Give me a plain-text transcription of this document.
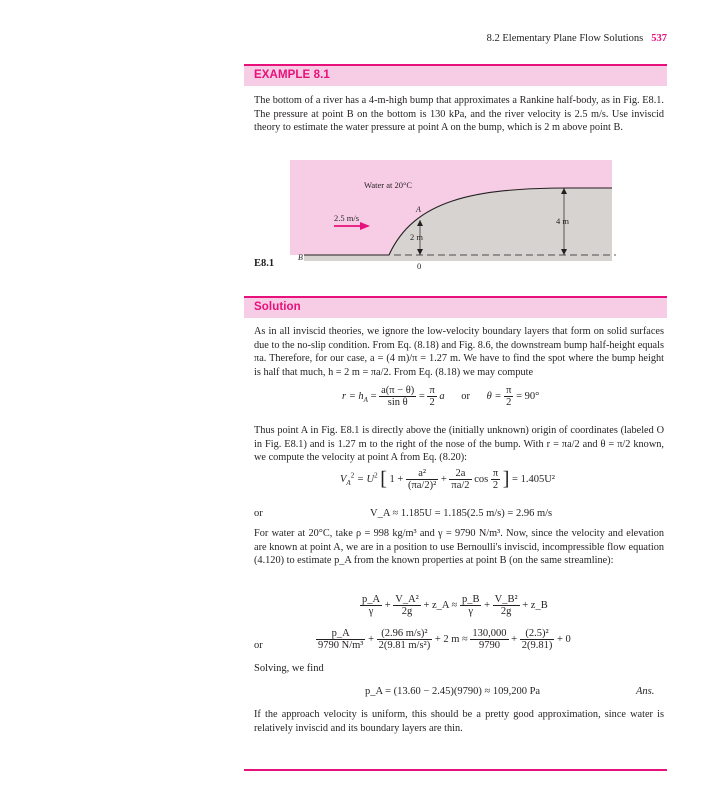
8.2 Elementary Plane Flow Solutions 537
EXAMPLE 8.1
The bottom of a river has a 4-m-high bump that approximates a Rankine half-body, as in Fig. E8.1. The pressure at point B on the bottom is 130 kPa, and the river velocity is 2.5 m/s. Use inviscid theory to estimate the water pressure at point A on the bump, which is 2 m above point B.
E8.1
Water at 20°C
2.5 m/s
A
2 m
4 m
B
0
Solution
As in all inviscid theories, we ignore the low-velocity boundary layers that form on solid surfaces due to the no-slip condition. From Eq. (8.18) and Fig. 8.6, the downstream bump half-height equals πa. Therefore, for our case, a = (4 m)/π = 1.27 m. We have to find the spot where the bump height is half that much, h = 2 m = πa/2. From Eq. (8.18) we may compute
$r = h_A = \frac{a(\pi - \theta)}{\text{sin θ}} = \frac{\pi}{2}$ a or $\theta = \frac{\pi}{2} = 90^\circ$
Thus point A in Fig. E8.1 is directly above the (initially unknown) origin of coordinates (labeled O in Fig. E8.1) and is 1.27 m to the right of the nose of the bump. With r = πa/2 and θ = π/2 known, we compute the velocity at point A from Eq. (8.20):
$V_A^2 = U^2$ [ $1 + \frac{\text{a²}}{\text{(πa/2)²}} + \frac{2a}{\pi a/2}$ $\cos \frac{\pi}{2}$ ] = 1.405U²
or	V_A ≈ 1.185U = 1.185(2.5 m/s) = 2.96 m/s
For water at 20°C, take ρ = 998 kg/m³ and γ = 9790 N/m³. Now, since the velocity and elevation are known at point A, we are in a position to use Bernoulli's inviscid, incompressible flow equation (4.120) to estimate p_A from the known properties at point B (on the same streamline):
$\frac{p\_A}{\gamma} + \frac{\text{V\_A²}}{2g}$ + z_A ≈ $\frac{p\_B}{\gamma} + \frac{\text{V\_B²}}{2g}$ + z_B
or	$\frac{p\_A}{\text{9790 N/m³}} + \frac{\text{(2.96 m/s)²}}{\text{2(9.81 m/s²)}} + 2$ $m \approx \frac{130,000}{9790} + \frac{\text{(2.5)²}}{2(9.81)} + 0$
Solving, we find
p_A = (13.60 − 2.45)(9790) ≈ 109,200 Pa	Ans.
If the approach velocity is uniform, this should be a pretty good approximation, since water is relatively inviscid and its boundary layers are thin.
